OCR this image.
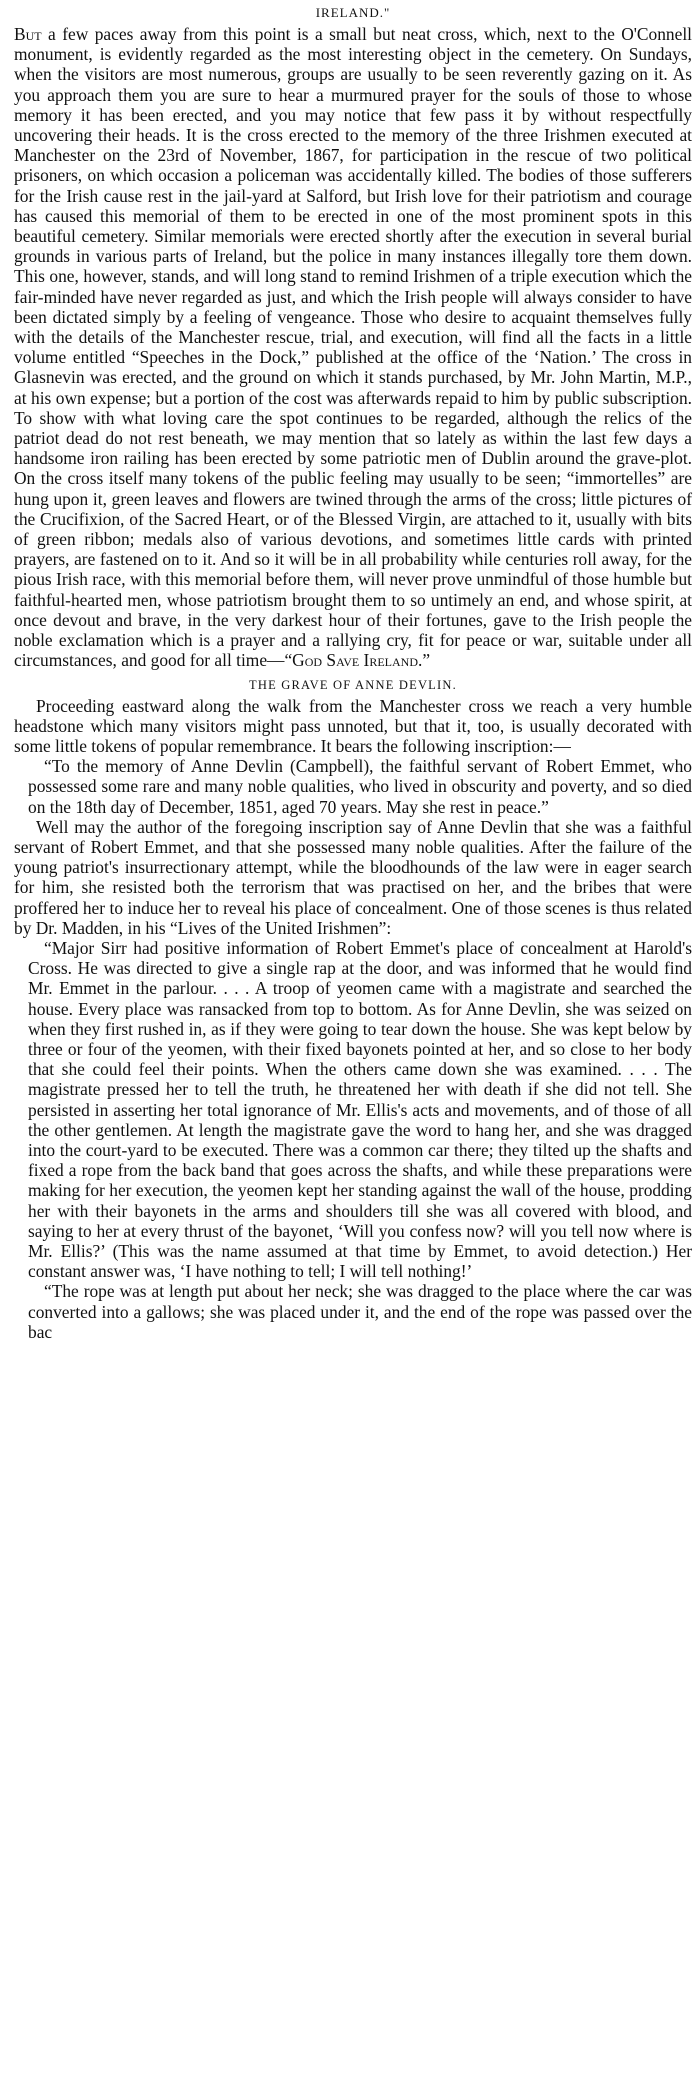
IRELAND."

But a few paces away from this point is a small but neat cross, which, next to the O'Connell monument, is evidently regarded as the most interesting object in the cemetery. On Sundays, when the visitors are most numerous, groups are usually to be seen reverently gazing on it. As you approach them you are sure to hear a murmured prayer for the souls of those to whose memory it has been erected, and you may notice that few pass it by without respectfully uncovering their heads. It is the cross erected to the memory of the three Irishmen executed at Manchester on the 23rd of November, 1867, for participation in the rescue of two political prisoners, on which occasion a policeman was accidentally killed. The bodies of those sufferers for the Irish cause rest in the jail-yard at Salford, but Irish love for their patriotism and courage has caused this memorial of them to be erected in one of the most prominent spots in this beautiful cemetery. Similar memorials were erected shortly after the execution in several burial grounds in various parts of Ireland, but the police in many instances illegally tore them down. This one, however, stands, and will long stand to remind Irishmen of a triple execution which the fair-minded have never regarded as just, and which the Irish people will always consider to have been dictated simply by a feeling of vengeance. Those who desire to acquaint themselves fully with the details of the Manchester rescue, trial, and execution, will find all the facts in a little volume entitled “Speeches in the Dock,” published at the office of the ‘Nation.’ The cross in Glasnevin was erected, and the ground on which it stands purchased, by Mr. John Martin, M.P., at his own expense; but a portion of the cost was afterwards repaid to him by public subscription. To show with what loving care the spot continues to be regarded, although the relics of the patriot dead do not rest beneath, we may mention that so lately as within the last few days a handsome iron railing has been erected by some patriotic men of Dublin around the grave-plot. On the cross itself many tokens of the public feeling may usually to be seen; “immortelles” are hung upon it, green leaves and flowers are twined through the arms of the cross; little pictures of the Crucifixion, of the Sacred Heart, or of the Blessed Virgin, are attached to it, usually with bits of green ribbon; medals also of various devotions, and sometimes little cards with printed prayers, are fastened on to it. And so it will be in all probability while centuries roll away, for the pious Irish race, with this memorial before them, will never prove unmindful of those humble but faithful-hearted men, whose patriotism brought them to so untimely an end, and whose spirit, at once devout and brave, in the very darkest hour of their fortunes, gave to the Irish people the noble exclamation which is a prayer and a rallying cry, fit for peace or war, suitable under all circumstances, and good for all time—“God Save Ireland.”

THE GRAVE OF ANNE DEVLIN.

Proceeding eastward along the walk from the Manchester cross we reach a very humble headstone which many visitors might pass unnoted, but that it, too, is usually decorated with some little tokens of popular remembrance. It bears the following inscription:—

“To the memory of Anne Devlin (Campbell), the faithful servant of Robert Emmet, who possessed some rare and many noble qualities, who lived in obscurity and poverty, and so died on the 18th day of December, 1851, aged 70 years. May she rest in peace.”

Well may the author of the foregoing inscription say of Anne Devlin that she was a faithful servant of Robert Emmet, and that she possessed many noble qualities. After the failure of the young patriot's insurrectionary attempt, while the bloodhounds of the law were in eager search for him, she resisted both the terrorism that was practised on her, and the bribes that were proffered her to induce her to reveal his place of concealment. One of those scenes is thus related by Dr. Madden, in his “Lives of the United Irishmen”:

“Major Sirr had positive information of Robert Emmet's place of concealment at Harold's Cross. He was directed to give a single rap at the door, and was informed that he would find Mr. Emmet in the parlour. . . . A troop of yeomen came with a magistrate and searched the house. Every place was ransacked from top to bottom. As for Anne Devlin, she was seized on when they first rushed in, as if they were going to tear down the house. She was kept below by three or four of the yeomen, with their fixed bayonets pointed at her, and so close to her body that she could feel their points. When the others came down she was examined. . . . The magistrate pressed her to tell the truth, he threatened her with death if she did not tell. She persisted in asserting her total ignorance of Mr. Ellis's acts and movements, and of those of all the other gentlemen. At length the magistrate gave the word to hang her, and she was dragged into the court-yard to be executed. There was a common car there; they tilted up the shafts and fixed a rope from the back band that goes across the shafts, and while these preparations were making for her execution, the yeomen kept her standing against the wall of the house, prodding her with their bayonets in the arms and shoulders till she was all covered with blood, and saying to her at every thrust of the bayonet, ‘Will you confess now? will you tell now where is Mr. Ellis?’ (This was the name assumed at that time by Emmet, to avoid detection.) Her constant answer was, ‘I have nothing to tell; I will tell nothing!’

“The rope was at length put about her neck; she was dragged to the place where the car was converted into a gallows; she was placed under it, and the end of the rope was passed over the bac
